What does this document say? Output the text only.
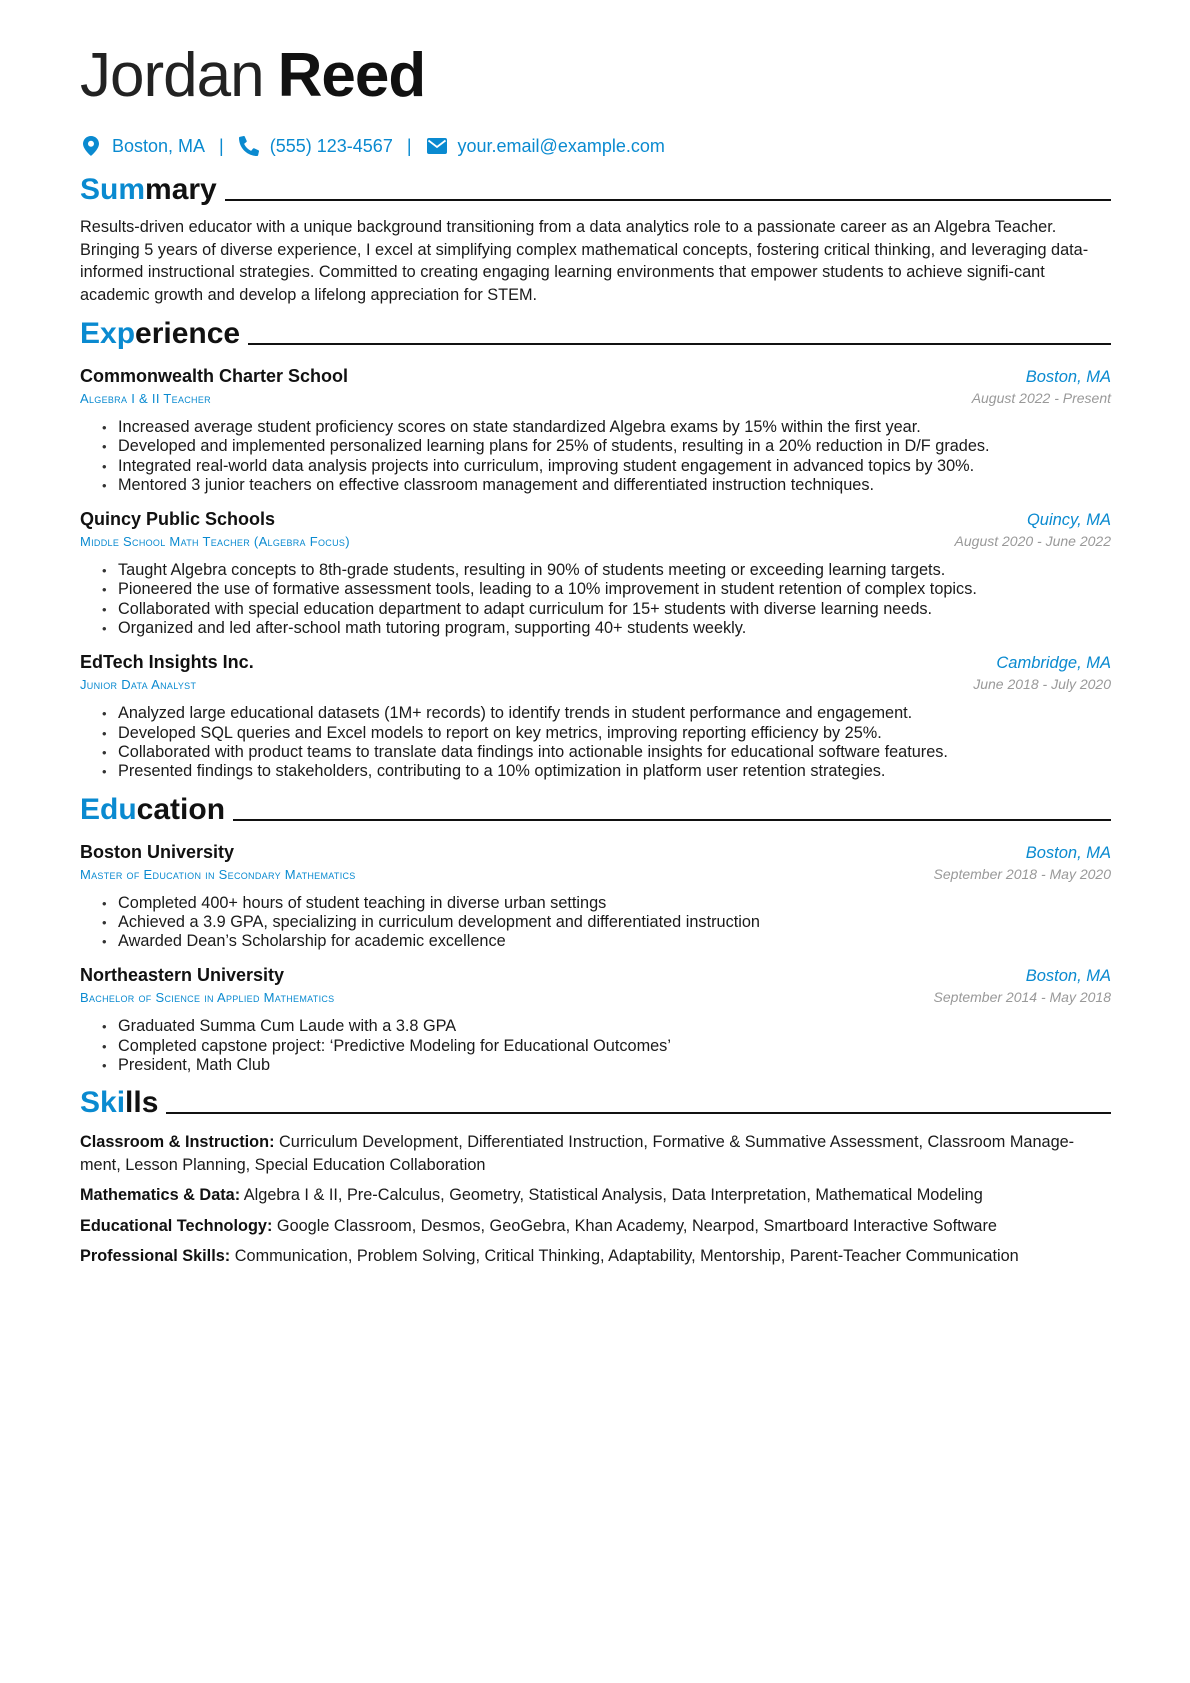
Jordan Reed
Boston, MA |	(555) 123-4567 |	your.email@example.com
Summary

Results-driven educator with a unique background transitioning from a data analytics role to a passionate career as an Algebra Teacher. Bringing 5 years of diverse experience, I excel at simplifying complex mathematical concepts, fostering critical thinking, and leveraging data-informed instructional strategies. Committed to creating engaging learning environments that empower students to achieve signifi-cant academic growth and develop a lifelong appreciation for STEM.

Experience
Commonwealth Charter School	Boston, MA
Algebra I & II Teacher	August 2022 - Present
• Increased average student proficiency scores on state standardized Algebra exams by 15% within the first year.
• Developed and implemented personalized learning plans for 25% of students, resulting in a 20% reduction in D/F grades.
• Integrated real-world data analysis projects into curriculum, improving student engagement in advanced topics by 30%.
• Mentored 3 junior teachers on effective classroom management and differentiated instruction techniques.
Quincy Public Schools	Quincy, MA
Middle School Math Teacher (Algebra Focus)	August 2020 - June 2022
• Taught Algebra concepts to 8th-grade students, resulting in 90% of students meeting or exceeding learning targets.
• Pioneered the use of formative assessment tools, leading to a 10% improvement in student retention of complex topics.
• Collaborated with special education department to adapt curriculum for 15+ students with diverse learning needs.
• Organized and led after-school math tutoring program, supporting 40+ students weekly.
EdTech Insights Inc.	Cambridge, MA
Junior Data Analyst	June 2018 - July 2020
• Analyzed large educational datasets (1M+ records) to identify trends in student performance and engagement.
• Developed SQL queries and Excel models to report on key metrics, improving reporting efficiency by 25%.
• Collaborated with product teams to translate data findings into actionable insights for educational software features.
• Presented findings to stakeholders, contributing to a 10% optimization in platform user retention strategies.
Education
Boston University	Boston, MA
Master of Education in Secondary Mathematics	September 2018 - May 2020
• Completed 400+ hours of student teaching in diverse urban settings
• Achieved a 3.9 GPA, specializing in curriculum development and differentiated instruction
• Awarded Dean’s Scholarship for academic excellence
Northeastern University	Boston, MA
Bachelor of Science in Applied Mathematics	September 2014 - May 2018
• Graduated Summa Cum Laude with a 3.8 GPA
• Completed capstone project: ‘Predictive Modeling for Educational Outcomes’
• President, Math Club
Skills
Classroom & Instruction: Curriculum Development, Differentiated Instruction, Formative & Summative Assessment, Classroom Manage-ment, Lesson Planning, Special Education Collaboration
Mathematics & Data: Algebra I & II, Pre-Calculus, Geometry, Statistical Analysis, Data Interpretation, Mathematical Modeling
Educational Technology: Google Classroom, Desmos, GeoGebra, Khan Academy, Nearpod, Smartboard Interactive Software
Professional Skills: Communication, Problem Solving, Critical Thinking, Adaptability, Mentorship, Parent-Teacher Communication
